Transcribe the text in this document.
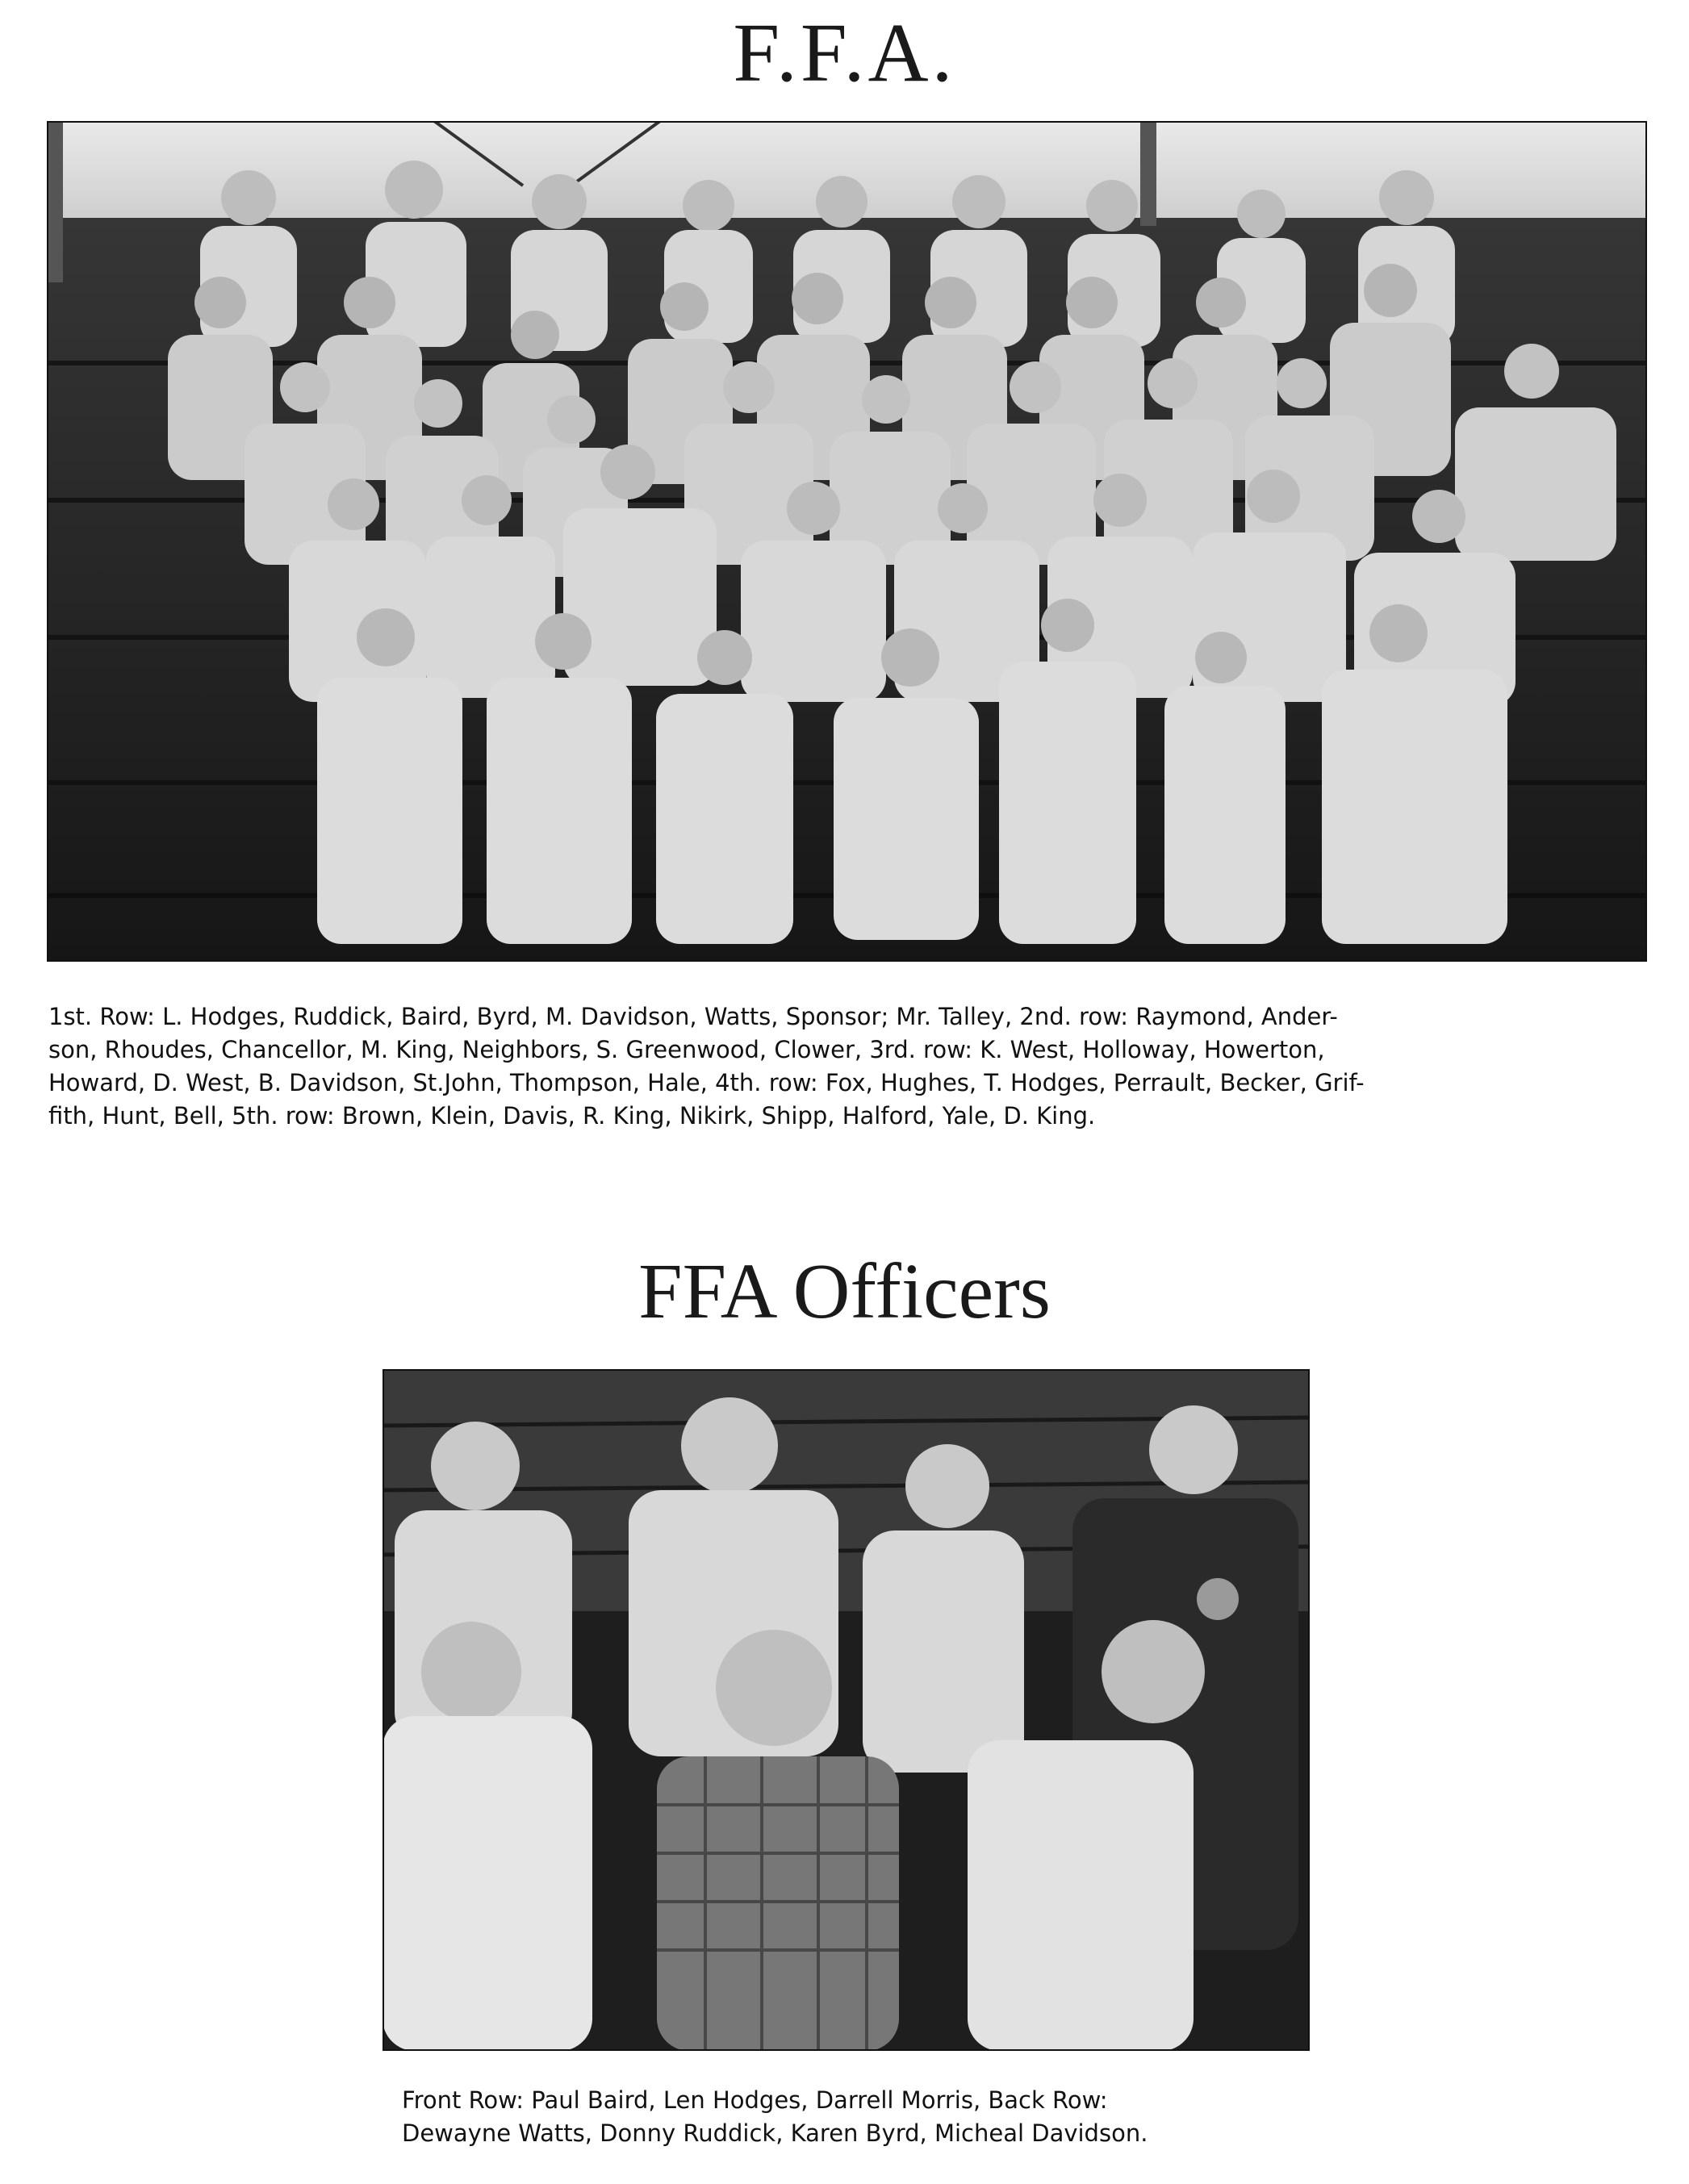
F.F.A.

1st. Row: L. Hodges, Ruddick, Baird, Byrd, M. Davidson, Watts, Sponsor; Mr. Talley, 2nd. row: Raymond, Ander-
son, Rhoudes, Chancellor, M. King, Neighbors, S. Greenwood, Clower, 3rd. row: K. West, Holloway, Howerton,
Howard, D. West, B. Davidson, St.John, Thompson, Hale, 4th. row: Fox, Hughes, T. Hodges, Perrault, Becker, Grif-
fith, Hunt, Bell, 5th. row: Brown, Klein, Davis, R. King, Nikirk, Shipp, Halford, Yale, D. King.

FFA Officers

Front Row: Paul Baird, Len Hodges, Darrell Morris, Back Row:
Dewayne Watts, Donny Ruddick, Karen Byrd, Micheal Davidson.
